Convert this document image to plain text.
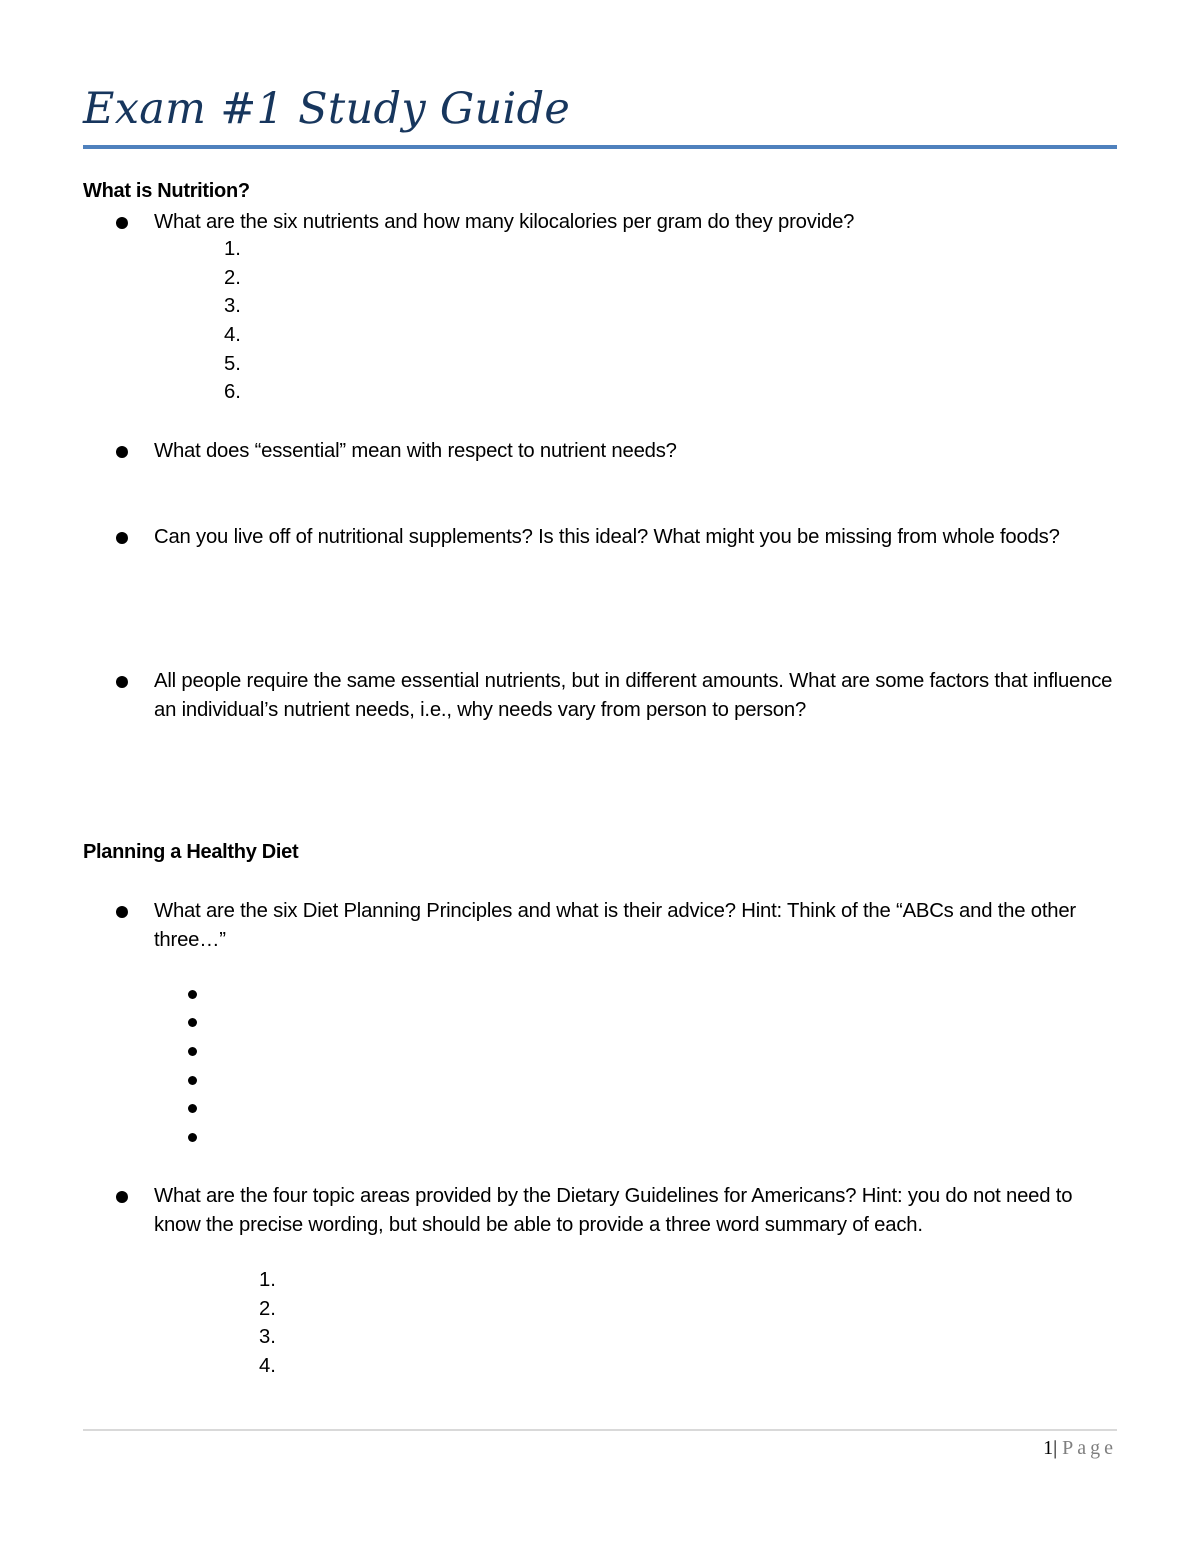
Exam #1 Study Guide
What is Nutrition?
What are the six nutrients and how many kilocalories per gram do they provide?
1.
2.
3.
4.
5.
6.
What does “essential” mean with respect to nutrient needs?
Can you live off of nutritional supplements? Is this ideal? What might you be missing from whole foods?
All people require the same essential nutrients, but in different amounts. What are some factors that influence an individual’s nutrient needs, i.e., why needs vary from person to person?
Planning a Healthy Diet
What are the six Diet Planning Principles and what is their advice? Hint: Think of the “ABCs and the other three…”
What are the four topic areas provided by the Dietary Guidelines for Americans? Hint: you do not need to know the precise wording, but should be able to provide a three word summary of each.
1.
2.
3.
4.
1| Page
